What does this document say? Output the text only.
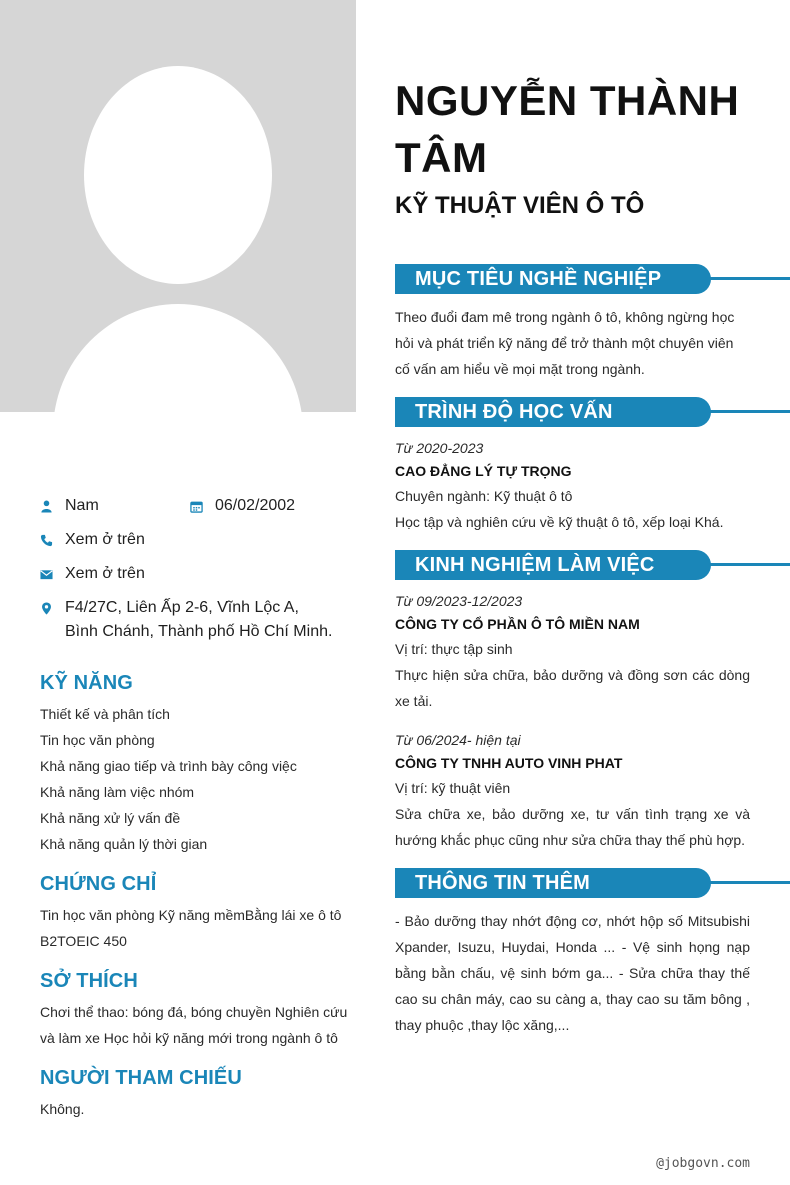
Nam	06/02/2002
Xem ở trên
Xem ở trên
F4/27C, Liên Ấp 2-6, Vĩnh Lộc A, Bình Chánh, Thành phố Hồ Chí Minh.
KỸ NĂNG
Thiết kế và phân tích
Tin học văn phòng
Khả năng giao tiếp và trình bày công việc
Khả năng làm việc nhóm
Khả năng xử lý vấn đề
Khả năng quản lý thời gian
CHỨNG CHỈ

Tin học văn phòng Kỹ năng mềmBằng lái xe ô tô B2TOEIC 450

SỞ THÍCH

Chơi thể thao: bóng đá, bóng chuyền Nghiên cứu và làm xe Học hỏi kỹ năng mới trong ngành ô tô

NGƯỜI THAM CHIẾU

Không.

NGUYỄN THÀNH TÂM
KỸ THUẬT VIÊN Ô TÔ
MỤC TIÊU NGHỀ NGHIỆP
Theo đuổi đam mê trong ngành ô tô, không ngừng học hỏi và phát triển kỹ năng để trở thành một chuyên viên cố vấn am hiểu về mọi mặt trong ngành.
TRÌNH ĐỘ HỌC VẤN
Từ 2020-2023
CAO ĐẲNG LÝ TỰ TRỌNG
Chuyên ngành: Kỹ thuật ô tô
Học tập và nghiên cứu về kỹ thuật ô tô, xếp loại Khá.
KINH NGHIỆM LÀM VIỆC
Từ 09/2023-12/2023
CÔNG TY CỔ PHẦN Ô TÔ MIỀN NAM
Vị trí: thực tập sinh
Thực hiện sửa chữa, bảo dưỡng và đồng sơn các dòng xe tải.
Từ 06/2024- hiện tại
CÔNG TY TNHH AUTO VINH PHAT
Vị trí: kỹ thuật viên
Sửa chữa xe, bảo dưỡng xe, tư vấn tình trạng xe và hướng khắc phục cũng như sửa chữa thay thế phù hợp.
THÔNG TIN THÊM
- Bảo dưỡng thay nhớt động cơ, nhớt hộp số Mitsubishi Xpander, Isuzu, Huydai, Honda ... - Vệ sinh họng nạp bằng bằn chấu, vệ sinh bớm ga... - Sửa chữa thay thế cao su chân máy, cao su càng a, thay cao su tăm bông , thay phuộc ,thay lộc xăng,...
@jobgovn.com
